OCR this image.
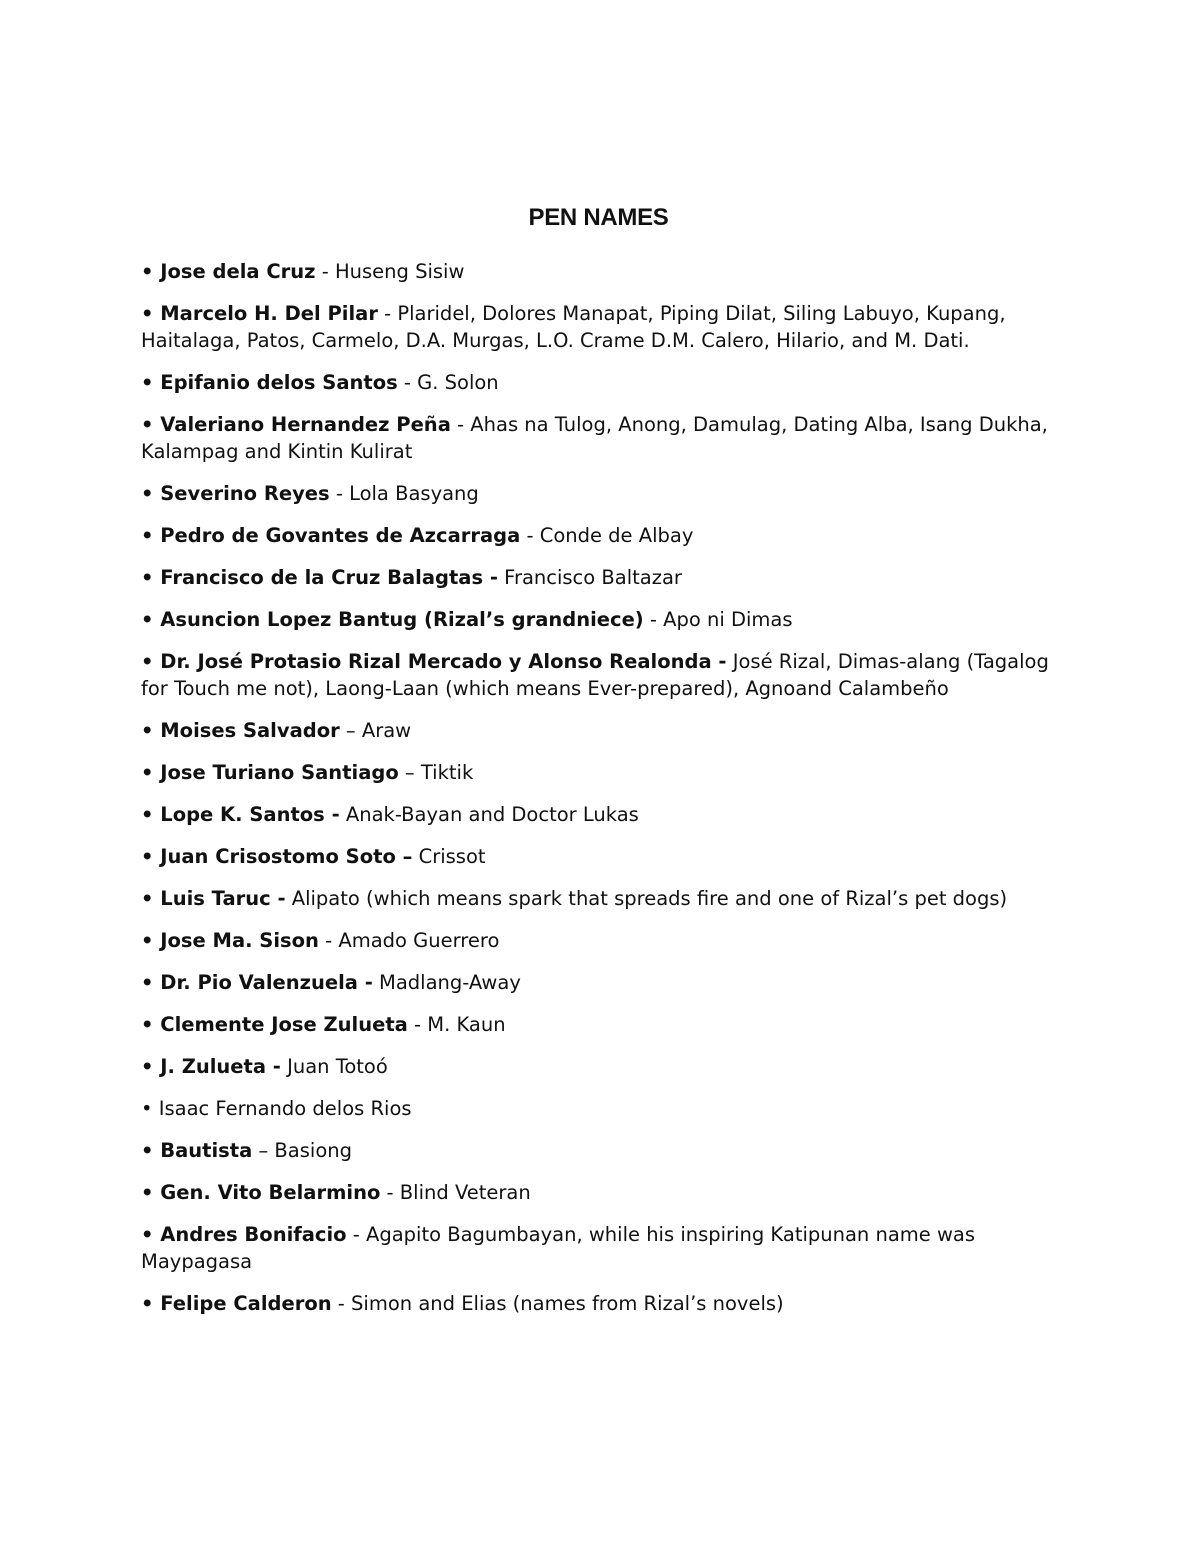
PEN NAMES

• Jose dela Cruz - Huseng Sisiw

• Marcelo H. Del Pilar - Plaridel, Dolores Manapat, Piping Dilat, Siling Labuyo, Kupang, Haitalaga, Patos, Carmelo, D.A. Murgas, L.O. Crame D.M. Calero, Hilario, and M. Dati.

• Epifanio delos Santos - G. Solon

• Valeriano Hernandez Peña - Ahas na Tulog, Anong, Damulag, Dating Alba, Isang Dukha, Kalampag and Kintin Kulirat

• Severino Reyes - Lola Basyang

• Pedro de Govantes de Azcarraga - Conde de Albay

• Francisco de la Cruz Balagtas - Francisco Baltazar

• Asuncion Lopez Bantug (Rizal’s grandniece) - Apo ni Dimas

• Dr. José Protasio Rizal Mercado y Alonso Realonda - José Rizal, Dimas-alang (Tagalog for Touch me not), Laong-Laan (which means Ever-prepared), Agnoand Calambeño

• Moises Salvador – Araw

• Jose Turiano Santiago – Tiktik

• Lope K. Santos - Anak-Bayan and Doctor Lukas

• Juan Crisostomo Soto – Crissot

• Luis Taruc - Alipato (which means spark that spreads fire and one of Rizal’s pet dogs)

• Jose Ma. Sison - Amado Guerrero

• Dr. Pio Valenzuela - Madlang-Away

• Clemente Jose Zulueta - M. Kaun

• J. Zulueta - Juan Totoó

• Isaac Fernando delos Rios

• Bautista – Basiong

• Gen. Vito Belarmino - Blind Veteran

• Andres Bonifacio - Agapito Bagumbayan, while his inspiring Katipunan name was Maypagasa

• Felipe Calderon - Simon and Elias (names from Rizal’s novels)
